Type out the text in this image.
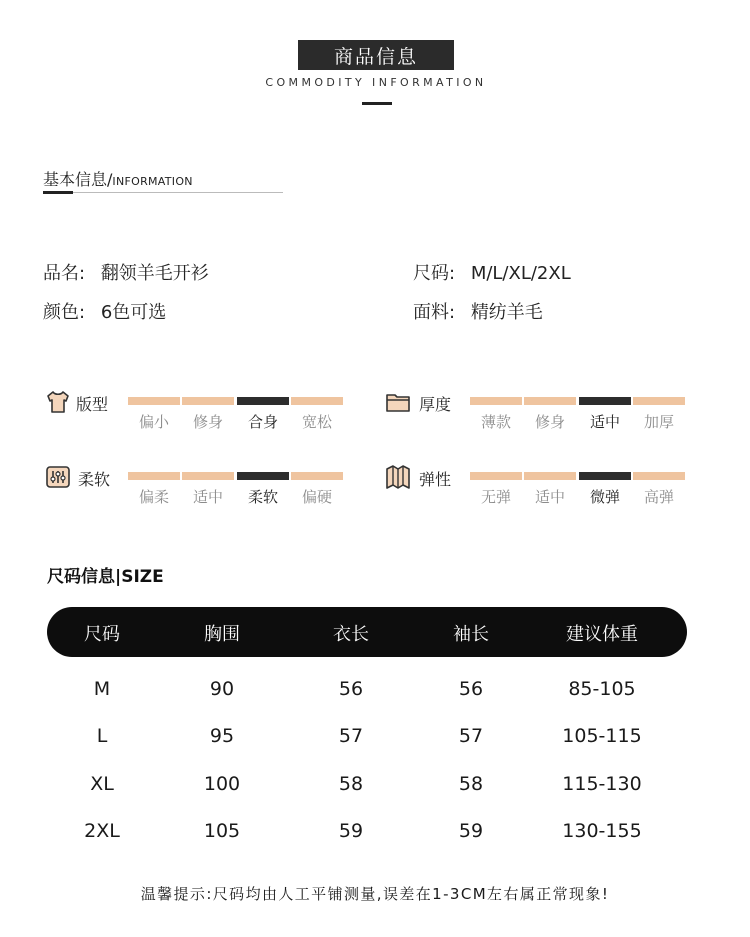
商品信息
COMMODITY INFORMATION
基本信息/INFORMATION
品名: 翻领羊毛开衫	尺码: M/L/XL/2XL
颜色: 6色可选	面料: 精纺羊毛
版型
偏小	修身	合身	宽松
厚度
薄款	修身	适中	加厚
柔软
偏柔	适中	柔软	偏硬
弹性
无弹	适中	微弹	高弹
尺码信息|SIZE
尺码	胸围	衣长	袖长	建议体重
M	90	56	56	85-105
L	95	57	57	105-115
XL	100	58	58	115-130
2XL	105	59	59	130-155
温馨提示:尺码均由人工平铺测量,误差在1-3CM左右属正常现象!
